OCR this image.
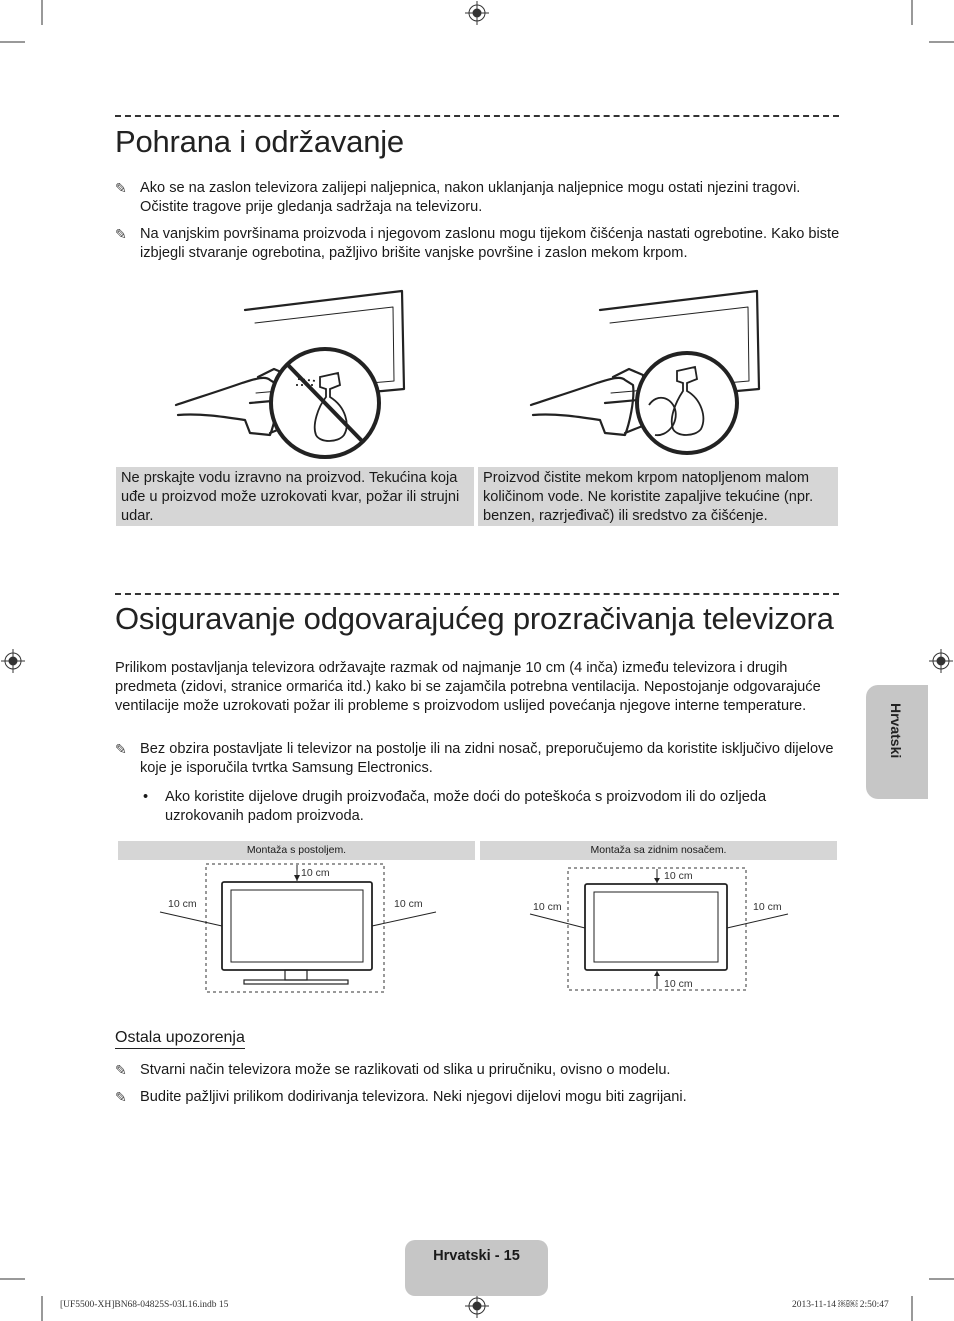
Pohrana i održavanje
✎ Ako se na zaslon televizora zalijepi naljepnica, nakon uklanjanja naljepnice mogu ostati njezini tragovi. Očistite tragove prije gledanja sadržaja na televizoru.
✎ Na vanjskim površinama proizvoda i njegovom zaslonu mogu tijekom čišćenja nastati ogrebotine. Kako biste izbjegli stvaranje ogrebotina, pažljivo brišite vanjske površine i zaslon mekom krpom.
Ne prskajte vodu izravno na proizvod. Tekućina koja uđe u proizvod može uzrokovati kvar, požar ili strujni udar.
Proizvod čistite mekom krpom natopljenom malom količinom vode. Ne koristite zapaljive tekućine (npr. benzen, razrjeđivač) ili sredstvo za čišćenje.
Osiguravanje odgovarajućeg prozračivanja televizora
Prilikom postavljanja televizora održavajte razmak od najmanje 10 cm (4 inča) između televizora i drugih predmeta (zidovi, stranice ormarića itd.) kako bi se zajamčila potrebna ventilacija. Nepostojanje odgovarajuće ventilacije može uzrokovati požar ili probleme s proizvodom uslijed povećanja njegove interne temperature.
✎ Bez obzira postavljate li televizor na postolje ili na zidni nosač, preporučujemo da koristite isključivo dijelove koje je isporučila tvrtka Samsung Electronics.
• Ako koristite dijelove drugih proizvođača, može doći do poteškoća s proizvodom ili do ozljeda uzrokovanih padom proizvoda.
Montaža s postoljem.	Montaža sa zidnim nosačem.
10 cm
10 cm	10 cm
10 cm
10 cm	10 cm
10 cm
Ostala upozorenja
✎ Stvarni način televizora može se razlikovati od slika u priručniku, ovisno o modelu.
✎ Budite pažljivi prilikom dodirivanja televizora. Neki njegovi dijelovi mogu biti zagrijani.
Hrvatski
Hrvatski - 15
[UF5500-XH]BN68-04825S-03L16.indb 15	2013-11-14 ￼￼ 2:50:47
